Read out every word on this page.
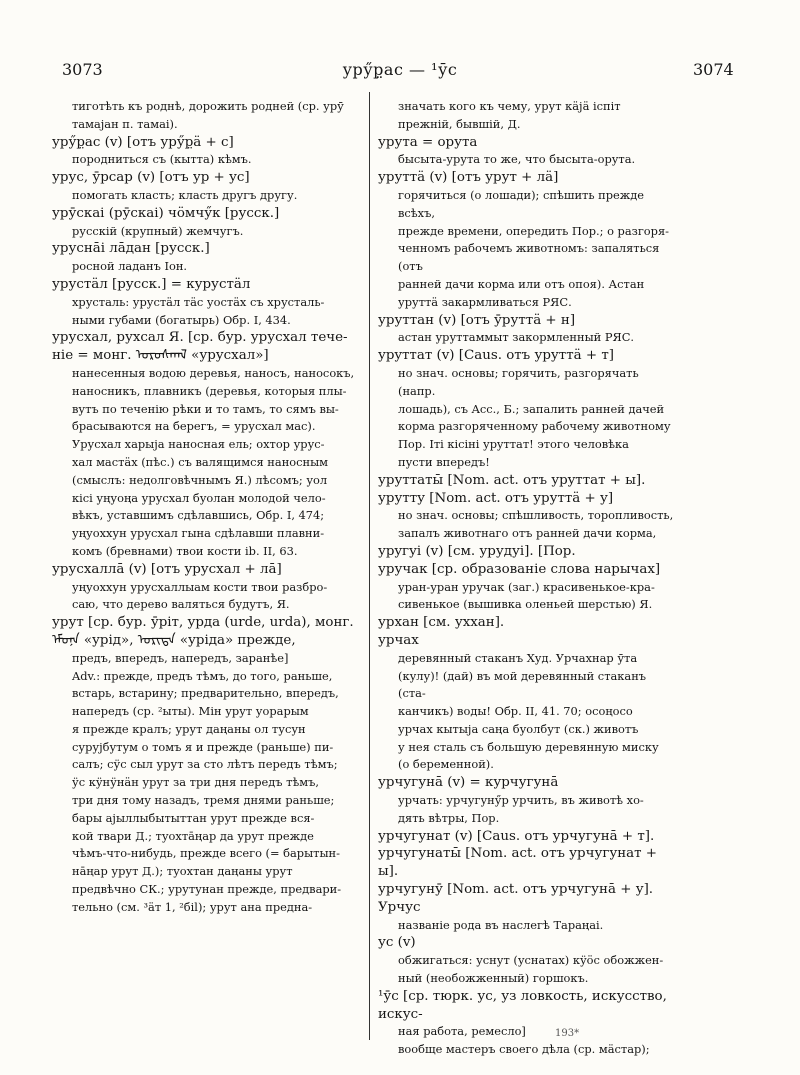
3073	урӳр̤ас — ¹ӯс	3074
тиготѣть къ роднѣ, дорожить родней (ср. урӯ
тамаjан п. тамаі).
урӳр̤ас (v) [отъ урӳр̤ӓ + с]
породниться съ (кытта) кѣмъ.
урус, ӯрсар (v) [отъ ур + ус]
помогать класть; класть другъ другу.
урӯскаі (рӯскаі) чӧмчӳк [русск.]
русскій (крупный) жемчугъ.
урусна̄і ла̄дан [русск.]
росной ладанъ Іон.
урустӓл [русск.] = курустӓл
хрусталь: урустӓл тӓс уостӓх съ хрусталь-
ными губами (богатырь) Обр. І, 434.
урусхал, рухсал Я. [ср. бур. урусхал тече-
ніе = монг. ᠤᠷᠤᠰᠬᠠᠯ «урусхал»]
нанесенныя водою деревья, наносъ, наносокъ,
наносникъ, плавникъ (деревья, которыя плы-
вутъ по теченію рѣки и то тамъ, то сямъ вы-
брасываются на берегъ, = урусхал мас).
Урусхал харыjа наносная ель; охтор урус-
хал мастӓх (пѣс.) съ валящимся наносным
(смыслъ: недолговѣчнымъ Я.) лѣсомъ; уол
кісі уңуоңа урусхал буолан молодой чело-
вѣкъ, уставшимъ сдѣлавшись, Обр. І, 474;
уңуохxун урусхал гына сдѣлавши плавни-
комъ (бревнами) твои кости іb. ІІ, 63.
урусхалла̄ (v) [отъ урусхал + ла̄]
уңуохxун урусхаллыам кости твои разбро-
саю, что дерево валяться будутъ, Я.
урут [ср. бур. ӯріт, урда (urde, urda), монг.
ᠡᠮᠦᠨᠡ «урід», ᠤᠷᠢᠳᠠ «урiда» прежде,
предъ, впередъ, напередъ, заранѣе]
Adv.: прежде, предъ тѣмъ, до того, раньше,
встарь, встарину; предварительно, впередъ,
напередъ (ср. ²ыты). Мін урут уорарым
я прежде кралъ; урут даңаны ол тусун
суруjбутум о томъ я и прежде (раньше) пи-
салъ; сӱс сыл урут за сто лѣтъ передъ тѣмъ;
ӱс кӱнӱнӓн урут за три дня передъ тѣмъ,
три дня тому назадъ, тремя днями раньше;
бары аjыллыбытыттан урут прежде вся-
кой твари Д.; туохта̄ңар да урут прежде
чѣмъ-что-нибудь, прежде всего (= барытын-
на̄ңар урут Д.); туохтан даңаны урут
предвѣчно СК.; урутунан прежде, предвари-
тельно (см. ³ӓт 1, ²біl); урут ана предна-
значать кого къ чему, урут кӓjӓ іспіт
прежній, бывшій, Д.
урута = орута
бысыта-урута то же, что бысыта-орута.
уруттӓ (v) [отъ урут + лӓ]
горячиться (о лошади); спѣшить прежде всѣхъ,
прежде времени, опередить Пор.; о разгоря-
ченномъ рабочемъ животномъ: запаляться (отъ
ранней дачи корма или отъ опоя). Астан
уруттӓ закармливаться РЯС.
уруттан (v) [отъ ӯруттӓ + н]
астан уруттаммыт закормленный РЯС.
урyттат (v) [Caus. отъ уруттӓ + т]
но знач. основы; горячить, разгорячать (напр.
лошадь), съ Acc., Б.; запалить ранней дачей
корма разгоряченному рабочему животному
Пор. Іті кісіні урyттат! этого человѣка
пусти впередъ!
уруттаты̄ [Nom. act. отъ урyттат + ы].
урутту [Nom. act. отъ уруттӓ + у]
но знач. основы; спѣшливость, торопливость,
запалъ животнаго отъ ранней дачи корма,
урyгуі (v) [см. урудуі]. [Пор.
уручак [ср. образованіе слова нарычах]
уран-уран уручак (заг.) красивенькое-кра-
сивенькое (вышивка оленьей шерстью) Я.
урхан [см. уххан].
урчах
деревянный стаканъ Худ. Урчахнар ӯта
(кулу)! (дай) въ мой деревянный стаканъ (ста-
канчикъ) воды! Обр. ІІ, 41. 70; осоңосо
урчах кытыjа саңа буолбут (ск.) животъ
у нея сталь съ большую деревянную миску
(о беременной).
урчугуна̄ (v) = курчугуна̄
урчать: урчугунӳр урчить, въ животѣ хо-
дять вѣтры, Пор.
урчугунат (v) [Caus. отъ урчугуна̄ + т].
урчугунаты̄ [Nom. act. отъ урчугунат + ы].
урчугунӯ [Nom. act. отъ урчугуна̄ + у].
Урчус
названіе рода въ наслегѣ Тараңаі.
ус (v)
обжигаться: уснут (уснатах) кӱӧс обожжен-
ный (необожженный) горшокъ.
¹ӯс [ср. тюрк. ус, уз ловкость, искусство, искус-
ная работа, ремесло]
вообще мастеръ своего дѣла (ср. мӓстар);
193*
